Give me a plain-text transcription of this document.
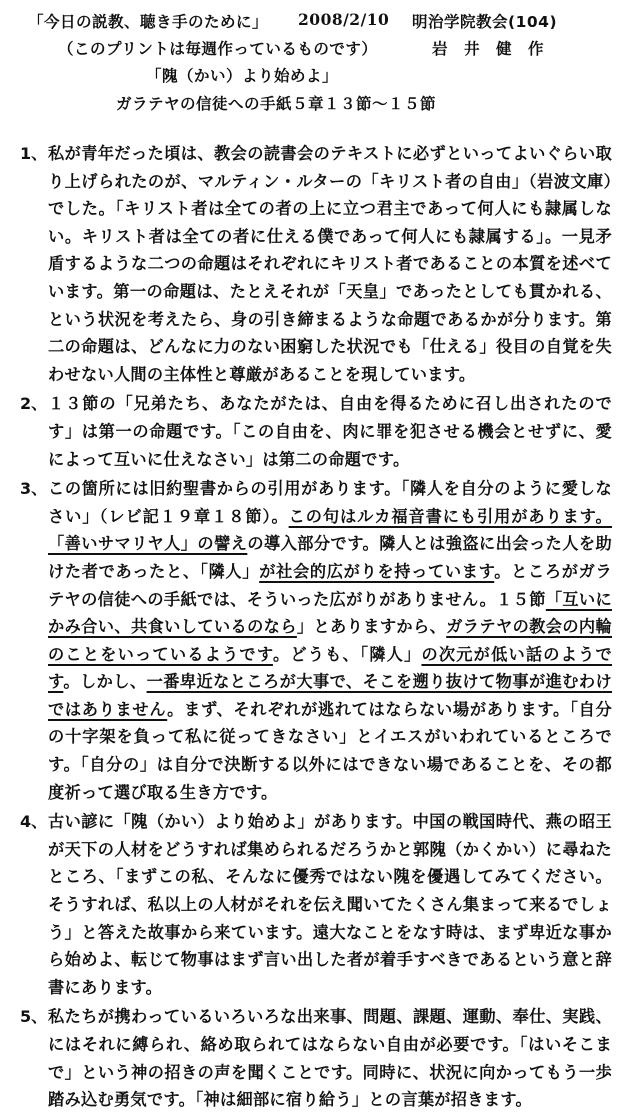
「今日の説教、聴き手のために」 2008/2/10 明治学院教会(104)
（このプリントは毎週作っているものです）	岩　井　健　作
「隗（かい）より始めよ」
ガラテヤの信徒への手紙５章１３節〜１５節
1、 私が青年だった頃は、教会の読書会のテキストに必ずといってよいぐらい取り上げられたのが、マルティン・ルターの「キリスト者の自由」（岩波文庫）でした。「キリスト者は全ての者の上に立つ君主であって何人にも隷属しない。キリスト者は全ての者に仕える僕であって何人にも隷属する」。一見矛盾するような二つの命題はそれぞれにキリスト者であることの本質を述べています。第一の命題は、たとえそれが「天皇」であったとしても貫かれる、という状況を考えたら、身の引き締まるような命題であるかが分ります。第二の命題は、どんなに力のない困窮した状況でも「仕える」役目の自覚を失わせない人間の主体性と尊厳があることを現しています。
2、 １３節の「兄弟たち、あなたがたは、自由を得るために召し出されたのです」は第一の命題です。「この自由を、肉に罪を犯させる機会とせずに、愛によって互いに仕えなさい」は第二の命題です。
3、 この箇所には旧約聖書からの引用があります。「隣人を自分のように愛しなさい」（レビ記１９章１８節）。この句はルカ福音書にも引用があります。「善いサマリヤ人」の譬えの導入部分です。隣人とは強盗に出会った人を助けた者であったと、「隣人」が社会的広がりを持っています。ところがガラテヤの信徒への手紙では、そういった広がりがありません。１５節「互いにかみ合い、共食いしているのなら」とありますから、ガラテヤの教会の内輪のことをいっているようです。どうも、「隣人」の次元が低い話のようです。しかし、一番卑近なところが大事で、そこを遡り抜けて物事が進むわけではありません。まず、それぞれが逃れてはならない場があります。「自分の十字架を負って私に従ってきなさい」とイエスがいわれているところです。「自分の」は自分で決断する以外にはできない場であることを、その都度祈って選び取る生き方です。
4、 古い諺に「隗（かい）より始めよ」があります。中国の戦国時代、燕の昭王が天下の人材をどうすれば集められるだろうかと郭隗（かくかい）に尋ねたところ、「まずこの私、そんなに優秀ではない隗を優遇してみてください。そうすれば、私以上の人材がそれを伝え聞いてたくさん集まって来るでしょう」と答えた故事から来ています。遠大なことをなす時は、まず卑近な事から始めよ、転じて物事はまず言い出した者が着手すべきであるという意と辞書にあります。
5、 私たちが携わっているいろいろな出来事、問題、課題、運動、奉仕、実践、にはそれに縛られ、絡め取られてはならない自由が必要です。「はいそこまで」という神の招きの声を聞くことです。同時に、状況に向かってもう一歩踏み込む勇気です。「神は細部に宿り給う」との言葉が招きます。
